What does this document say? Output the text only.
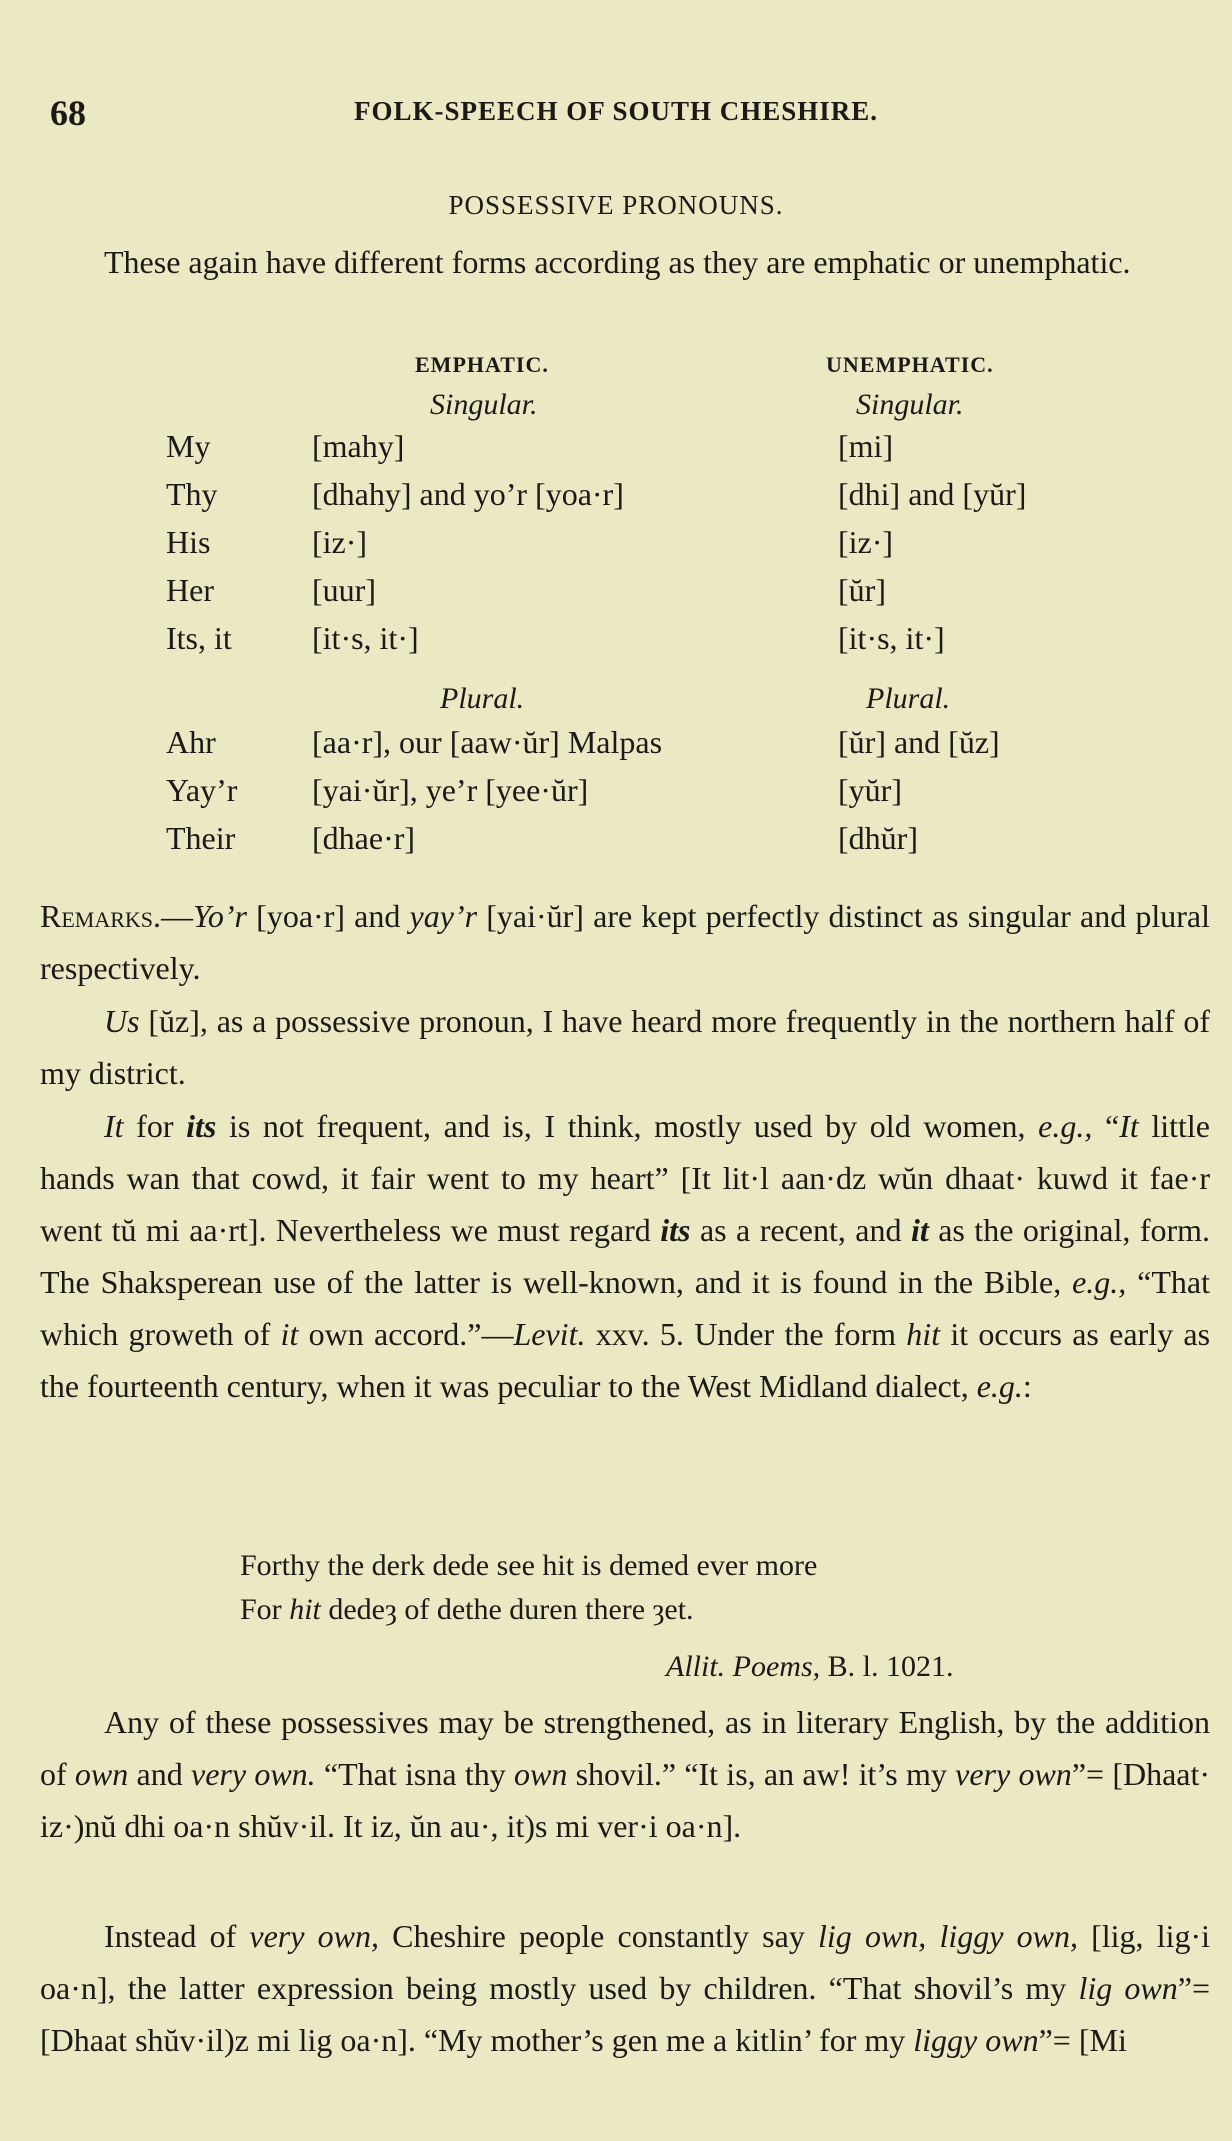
68	FOLK-SPEECH OF SOUTH CHESHIRE.
POSSESSIVE PRONOUNS.
These again have different forms according as they are emphatic or unemphatic.
EMPHATIC.	UNEMPHATIC.
Singular.	Singular.
My	[mahy]	[mi]
Thy	[dhahy] and yo’r [yoa·r]	[dhi] and [yŭr]
His	[iz·]	[iz·]
Her	[uur]	[ŭr]
Its, it	[it·s, it·]	[it·s, it·]
Plural.	Plural.
Ahr	[aa·r], our [aaw·ŭr] Malpas	[ŭr] and [ŭz]
Yay’r [yai·ŭr], ye’r [yee·ŭr]	[yŭr]
Their [dhae·r]	[dhŭr]
Remarks.—Yo’r [yoa·r] and yay’r [yai·ŭr] are kept perfectly distinct as singular and plural respectively.
Us [ŭz], as a possessive pronoun, I have heard more frequently in the northern half of my district.
It for its is not frequent, and is, I think, mostly used by old women, e.g., “It little hands wan that cowd, it fair went to my heart” [It lit·l aan·dz wŭn dhaat· kuwd it fae·r went tŭ mi aa·rt]. Nevertheless we must regard its as a recent, and it as the original, form. The Shaksperean use of the latter is well-known, and it is found in the Bible, e.g., “That which groweth of it own accord.”—Levit. xxv. 5. Under the form hit it occurs as early as the fourteenth century, when it was peculiar to the West Midland dialect, e.g.:
Forthy the derk dede see hit is demed ever more
For hit dedeȝ of dethe duren there ȝet.
Allit. Poems, B. l. 1021.
Any of these possessives may be strengthened, as in literary English, by the addition of own and very own. “That isna thy own shovil.” “It is, an aw! it’s my very own”= [Dhaat· iz·)nŭ dhi oa·n shŭv·il. It iz, ŭn au·, it)s mi ver·i oa·n].
Instead of very own, Cheshire people constantly say lig own, liggy own, [lig, lig·i oa·n], the latter expression being mostly used by children. “That shovil’s my lig own”= [Dhaat shŭv·il)z mi lig oa·n]. “My mother’s gen me a kitlin’ for my liggy own”= [Mi
